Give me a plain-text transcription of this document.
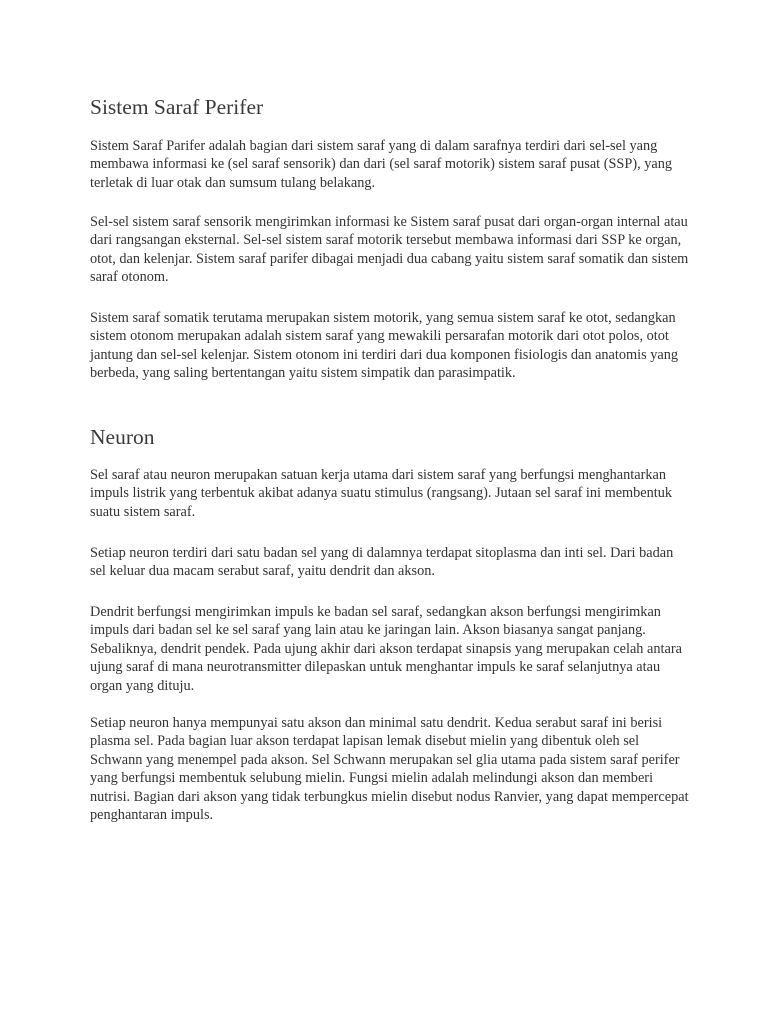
Sistem Saraf Perifer

Sistem Saraf Parifer adalah bagian dari sistem saraf yang di dalam sarafnya terdiri dari sel-sel yang membawa informasi ke (sel saraf sensorik) dan dari (sel saraf motorik) sistem saraf pusat (SSP), yang terletak di luar otak dan sumsum tulang belakang.

Sel-sel sistem saraf sensorik mengirimkan informasi ke Sistem saraf pusat dari organ-organ internal atau dari rangsangan eksternal. Sel-sel sistem saraf motorik tersebut membawa informasi dari SSP ke organ, otot, dan kelenjar. Sistem saraf parifer dibagai menjadi dua cabang yaitu sistem saraf somatik dan sistem saraf otonom.

Sistem saraf somatik terutama merupakan sistem motorik, yang semua sistem saraf ke otot, sedangkan sistem otonom merupakan adalah sistem saraf yang mewakili persarafan motorik dari otot polos, otot jantung dan sel-sel kelenjar. Sistem otonom ini terdiri dari dua komponen fisiologis dan anatomis yang berbeda, yang saling bertentangan yaitu sistem simpatik dan parasimpatik.

Neuron

Sel saraf atau neuron merupakan satuan kerja utama dari sistem saraf yang berfungsi menghantarkan impuls listrik yang terbentuk akibat adanya suatu stimulus (rangsang). Jutaan sel saraf ini membentuk suatu sistem saraf.

Setiap neuron terdiri dari satu badan sel yang di dalamnya terdapat sitoplasma dan inti sel. Dari badan sel keluar dua macam serabut saraf, yaitu dendrit dan akson.

Dendrit berfungsi mengirimkan impuls ke badan sel saraf, sedangkan akson berfungsi mengirimkan impuls dari badan sel ke sel saraf yang lain atau ke jaringan lain. Akson biasanya sangat panjang. Sebaliknya, dendrit pendek. Pada ujung akhir dari akson terdapat sinapsis yang merupakan celah antara ujung saraf di mana neurotransmitter dilepaskan untuk menghantar impuls ke saraf selanjutnya atau organ yang dituju.

Setiap neuron hanya mempunyai satu akson dan minimal satu dendrit. Kedua serabut saraf ini berisi plasma sel. Pada bagian luar akson terdapat lapisan lemak disebut mielin yang dibentuk oleh sel Schwann yang menempel pada akson. Sel Schwann merupakan sel glia utama pada sistem saraf perifer yang berfungsi membentuk selubung mielin. Fungsi mielin adalah melindungi akson dan memberi nutrisi. Bagian dari akson yang tidak terbungkus mielin disebut nodus Ranvier, yang dapat mempercepat penghantaran impuls.
